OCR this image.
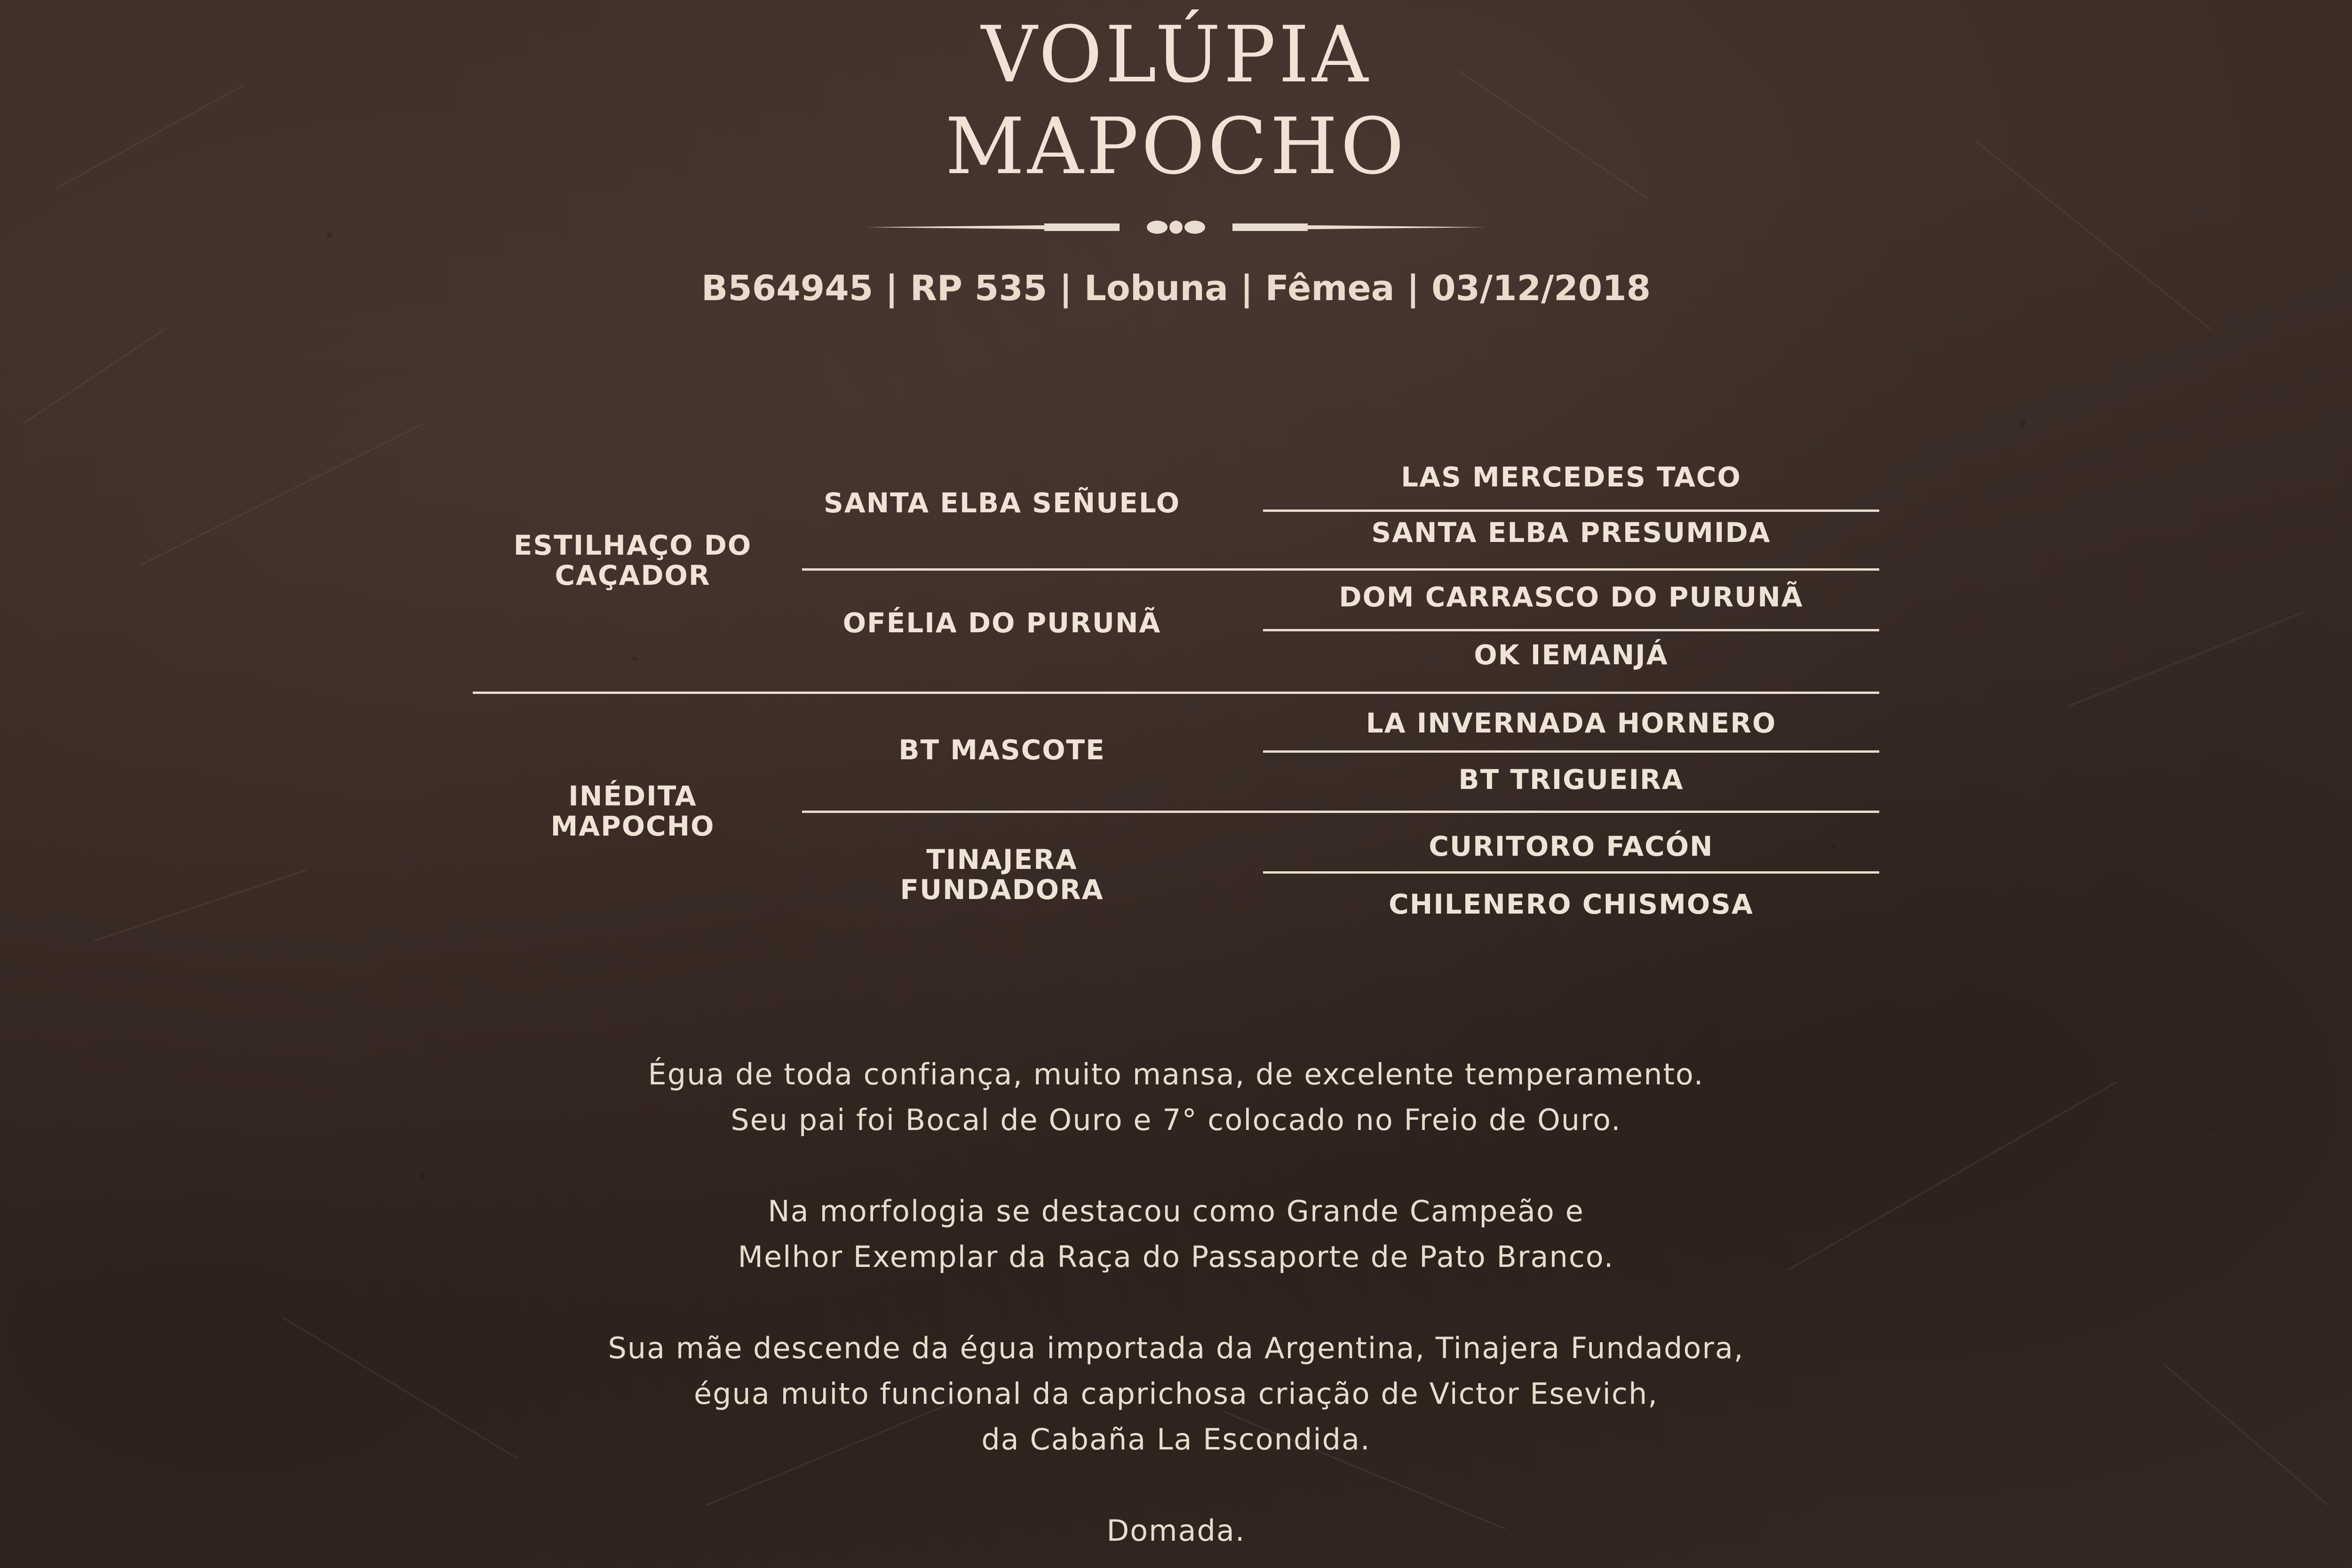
VOLÚPIA
MAPOCHO
B564945 | RP 535 | Lobuna | Fêmea | 03/12/2018
ESTILHAÇO DO
CAÇADOR
INÉDITA
MAPOCHO
SANTA ELBA SEÑUELO
OFÉLIA DO PURUNÃ
BT MASCOTE
TINAJERA
FUNDADORA
LAS MERCEDES TACO
SANTA ELBA PRESUMIDA
DOM CARRASCO DO PURUNÃ
OK IEMANJÁ
LA INVERNADA HORNERO
BT TRIGUEIRA
CURITORO FACÓN
CHILENERO CHISMOSA

Égua de toda confiança, muito mansa, de excelente temperamento.

Seu pai foi Bocal de Ouro e 7° colocado no Freio de Ouro.

Na morfologia se destacou como Grande Campeão e

Melhor Exemplar da Raça do Passaporte de Pato Branco.

Sua mãe descende da égua importada da Argentina, Tinajera Fundadora,

égua muito funcional da caprichosa criação de Victor Esevich,

da Cabaña La Escondida.

Domada.
